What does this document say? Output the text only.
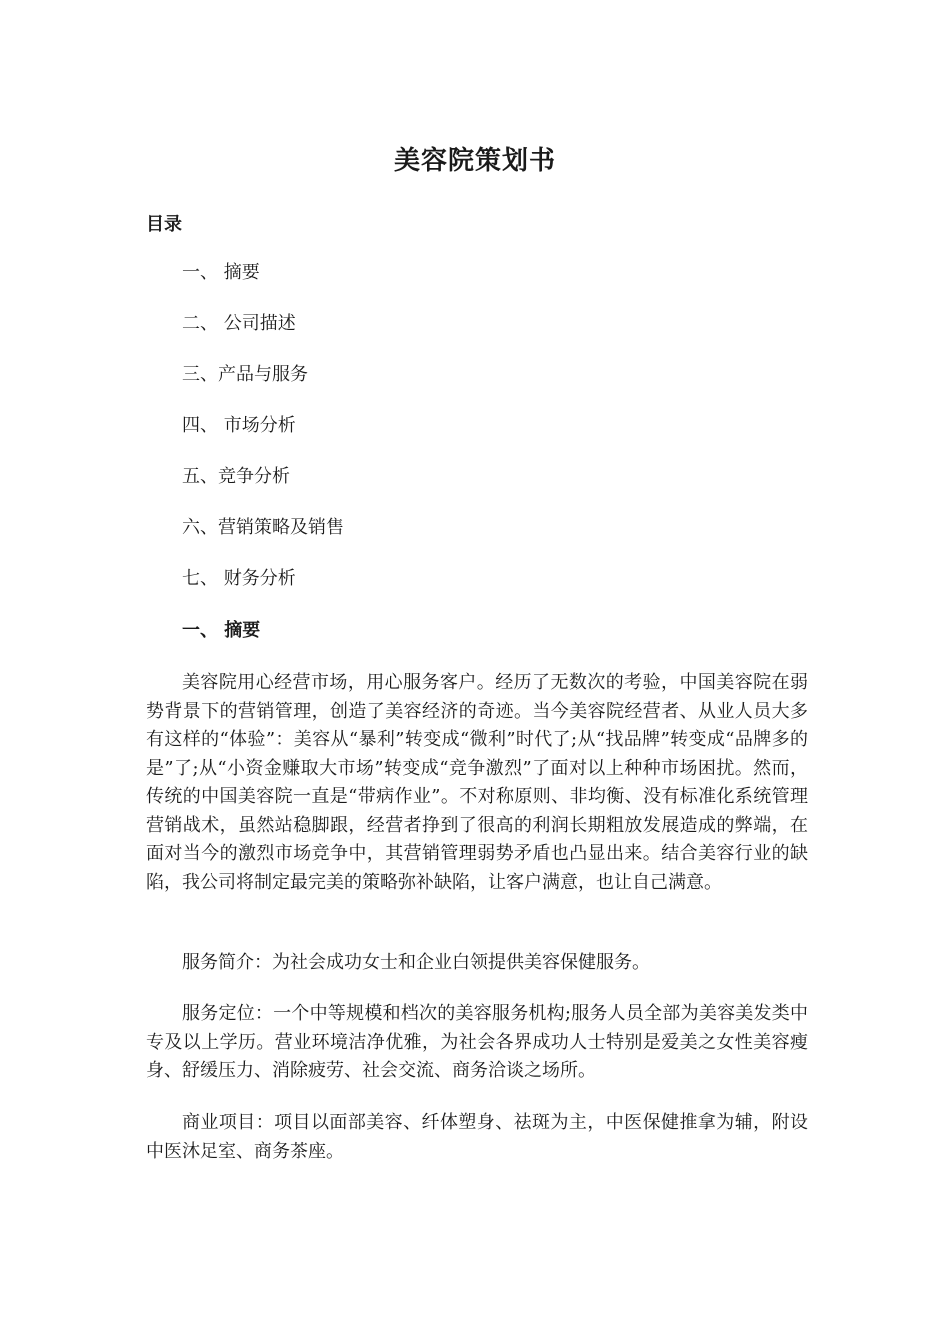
美容院策划书
目录
一、 摘要
二、 公司描述
三、产品与服务
四、 市场分析
五、竞争分析
六、营销策略及销售
七、 财务分析
一、 摘要

美容院用心经营市场，用心服务客户。经历了无数次的考验，中国美容院在弱势背景下的营销管理，创造了美容经济的奇迹。当今美容院经营者、从业人员大多有这样的“体验”：美容从“暴利”转变成“微利”时代了;从“找品牌”转变成“品牌多的是”了;从“小资金赚取大市场”转变成“竞争激烈”了面对以上种种市场困扰。然而，传统的中国美容院一直是“带病作业”。不对称原则、非均衡、没有标准化系统管理营销战术，虽然站稳脚跟，经营者挣到了很高的利润长期粗放发展造成的弊端，在面对当今的激烈市场竞争中，其营销管理弱势矛盾也凸显出来。结合美容行业的缺陷，我公司将制定最完美的策略弥补缺陷，让客户满意，也让自己满意。

服务简介：为社会成功女士和企业白领提供美容保健服务。

服务定位：一个中等规模和档次的美容服务机构;服务人员全部为美容美发类中专及以上学历。营业环境洁净优雅，为社会各界成功人士特别是爱美之女性美容瘦身、舒缓压力、消除疲劳、社会交流、商务洽谈之场所。

商业项目：项目以面部美容、纤体塑身、祛斑为主，中医保健推拿为辅，附设中医沐足室、商务茶座。
